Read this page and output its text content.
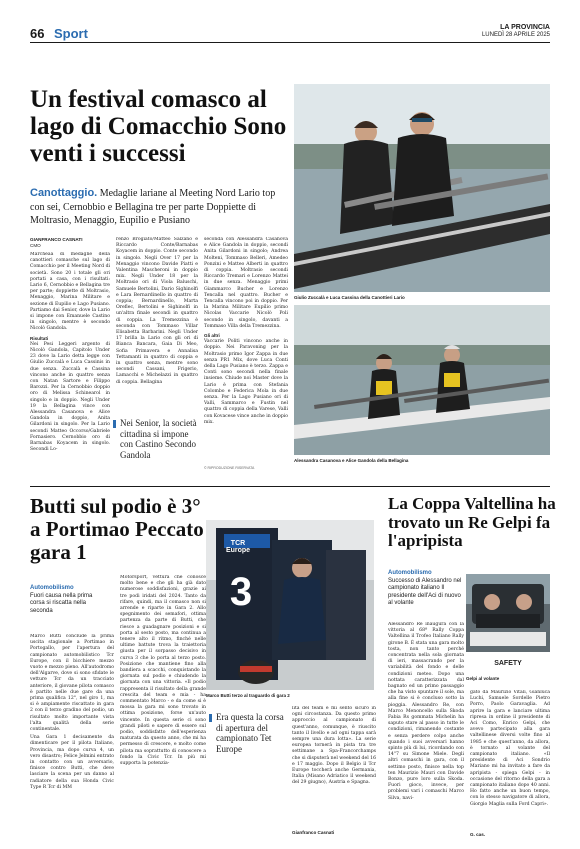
66 Sport	LA PROVINCIA
LUNEDÌ 28 APRILE 2025
Un festival comasco al lago di Comacchio Sono venti i successi
Canottaggio. Medaglie lariane al Meeting Nord Lario top con sei, Cernobbio e Bellagina tre per parte Doppiette di Moltrasio, Menaggio, Eupilio e Pusiano
GIANFRANCO CASNATI
CMO

Marcheaa di medaglie della canottieri comasche sul lago di Comacchio per il Meeting Nord di società. Sono 20 i totale gli ori portati a casa, con i risultati: Lario 6, Cernobbio e Bellagina tre per parte; doppiette di Moltrasio, Menaggio, Marina Militare e sezione di Eupilio e Lago Pusiano. Partiamo dai Senior, dove la Lario si impone con Emanuele Castino in singolo, mentre è secondo Nicolò Gandola.

Risultati

Nei Pesi Leggeri argento di Nicolò Gandola, Capitolo Under 23 dove la Lario detta legge con Giulio Zuccalà e Luca Cassinis in due senza. Zuccalà e Cassina vincono anche in quattro senza con Natan Sartore e Filippo Barozzi. Per la Cernobbio doppio oro di Melissa Schinearol in singolo e in doppio. Negli Under 19 la Bellagina vince con Alessandra Casanova e Alice Gandola in doppio, Anita Gilardoni in singolo. Per la Lario secondi Matteo Occorso/Gabriele Fornasiero. Cernobbio oro di Barnabas Koyacem in singolo. Secondi Lo-

renzo Brogiato/Matteo Salzano e Riccardo Conte/Barnabas Koyacem in doppio. Conte secondo in singolo. Negli Over 17 per la Menaggio vincono Davide Piatti e Valentina Mascheroni in doppio mix. Negli Under 18 per la Moltrasio ori di Viola Baluschi, Samuele Bertolini, Dario Sighinolfi e Lara Bernardinello in quattro di coppia; Bernardinello, Marta Oreflec, Bertolini e Sighinolfi in un'altra finale secondi in quattro di coppia. La Tremezzina è seconda con Tommaso Villar Elisabetta Barbarini. Negli Under 17 brilla la Lario con gli ori di Bianca Bancara, Gaia Di Meo, Sofia Primavera e Annalisa Tettamanti in quattro di coppia e in quattro senza, mentre sono secondi Cassani, Frigerio, Lamacchi e Michelazzi in quattro di coppia. Bellagina

Nei Senior, la società cittadina si impone con Castino Secondo Gandola

seconda con Alessandra Casanova e Alice Gandola in doppio, secondi Anita Gilardoni in singolo; Andrea Molteni, Tommaso Belleri, Amedeo Ponzini e Matteo Alberti in quattro di coppia. Moltrasio secondi Riccardo Tremari e Lorenzo Mattei in due senza. Menaggio primi Giammarco Bucher e Lorenzo Tencalla nel quattro. Bucher e Tencalla vincono poi in doppio. Per la Marina Militare Eupilio primo Nicolas Vaccarie Nicolò Poli secondo in singolo, davanti a Tommaso Villa della Tremezzina.

Gli altri

Vaccarie Politi vincono anche in doppio. Nei Paravoning per la Moltrasio primo Igor Zappa in due senza PR1 Mix, dove Luca Conti della Lago Pusiano è terzo. Zappa e Conti sono secondi nella finale insieme. Chiude noi Master dove la Lario è prima con Stefania Colombo e Federica Mola in due senza. Per la Lago Pusiano ori di Valli, Sammarco e Fustin nel quattro di coppia della Varese, Valli con Kovacese vince anche in doppio mix.

© RIPRODUZIONE RISERVATA
Giulio Zuccalà e Luca Cassina della Canottieri Lario
Alessandra Casanova e Alice Gandola della Bellagina
Butti sul podio è 3° a Portimao Peccato gara 1
Automobilismo
Fuori causa nella prima corsa si riscatta nella seconda

Marco Butti conclude la prima uscita stagionale a Portimao in Portogallo, per l'apertura del campionato automobilistico Tcr Europe, con il bicchiere mezzo vuoto e mezzo pieno. All'autodromo dell'Algarve, dove si sono sfidate le vetture Tcr da un tracciato anteriore, il giovane pilota comasco è partito nelle due gare da una prima qualifica 12°, nel giro 1, ma si è ampiamente riscattato in gara 2 con il terzo gradino del podio, un risultato molto importante vista l'alta qualità della serie continentale.

Una Gara 1 decisamente da dimenticare per il pilota Italiano, Provincia, ma dopo curva 4, un vero disastro; Felice Jelmini entrato in contatto con un avversario, finisce contro Butti, che deve lasciare la scena per un danno al radiatore della sua Honda Civic Type R Tcr di MM

Motorsport, vettura che conosce molto bene e che gli ha già dato numerose soddisfazioni, grazie ai tre podi iridati del 2024. Tanto da rifare, quindi, ma il comasco non si arrende e riparte in Gara 2. Allo spegnimento dei semafori, ottima partenza da parte di Butti, che riesce a guadagnare posizioni e si porta al sesto posto, ma continua a tenere alto il ritmo, finché nelle ultime battute trova la traiettoria giusta per il sorpasso decisivo in curva 3 che lo porta al terzo posto. Posizione che mantiene fino alla bandiera a scacchi, conquistando la giornata sul podio e chiudendo la giornata con una vittoria. «Il podio rappresenta il risultato della grande crescita del team e mia - ha commentato Marco - e da come si è mossa la gara mi sono trovato in ottima posizione, forse un'auto vincente. In questa serie ci sono grandi piloti e sapere di essere sul podio, soddisfatto dell'esperienza maturata da questo anno, che mi ha permesso di crescere, e molto come pilota ma soprattutto di conoscere a fondo la Civic Tcr. In più mi supporta la potenzia-

TCR Europe
3
Marco Butti terzo al traguardo di gara 2
Era questa la corsa di apertura del campionato Tet Europe

lità del team e mi sento sicuro in ogni circostanza. Da questo primo approccio al campionato di quest'anno, comunque, è riuscito tanto il livello e ad ogni tappa sarà sempre una dura lotta». La serie europea tornerà in pista tra tre settimane a Spa-Francorchamps che si disputerà nel weekend del 16 e 17 maggio. Dopo il Belgio il Tcr Europe toccherà anche Germania, Italia (Misano Adriatico il weekend del 29 giugno), Austria e Spagna.

Gianfranco Casnati
La Coppa Valtellina ha trovato un Re Gelpi fa l'apripista
Automobilismo
Successo di Alessandro nel campionato italiano Il presidente dell'Aci di nuovo al volante
SAFETY
Gelpi al volante

Alessandro Re inaugura con la vittoria al 68ª Rally Coppa Valtellina il Trofeo Italiano Rally girone B. È stata una gara molto tosta, non tanto perché concentrata nella sola giornata di ieri, massacrando per la variabilità del fondo e delle condizioni meteo. Dopo una nottata caratterizzata dal bagnato ed un primo passaggio che ha visto spuntare il sole, ma alla fine si è concluso sotto la pioggia. Alessandro Re, con Marco Menoncello sulla Skoda Fabia Rs gommata Michelin ha saputo stare al passo in tutte le condizioni, rimanendo costante e senza perdere colpo anche quando i suoi avversari hanno spinto più di lui, ricordando con 14"7 su Simone Miele. Degli altri comaschi in gara, con il settimo posto, finisce nella top ten Maurizio Mauri con Davide Bonzo, pure loro sulla Skoda. Fuori gioco, invece, per problemi vari i comaschi Marco Silva, navi-

gato da Maurizio Vitali, Gianluca Luchi, Samuele Sordelle Pietro Porro, Paolo Garavaglia. Ad aprire la gara e lanciare ultima ripresa in ordine il presidente di Aci Como, Enrico Gelpi, che avevo partecipato alla gara valtellinese diversi volte fino al 1985 e che quest'anno, da allora, è tornato al volante del campionato italiano. «Il presidente di Aci Sondrio Mariano mi ha invitato a fare da apripista - spiega Gelpi - in occasione del ritorno della gara a campionato italiano dopo 40 anni. Ho fatto anche un buon tempo, con lo stesso navigatore di allora, Giorgio Maglia sulla Ford Capri».

G. cas.
